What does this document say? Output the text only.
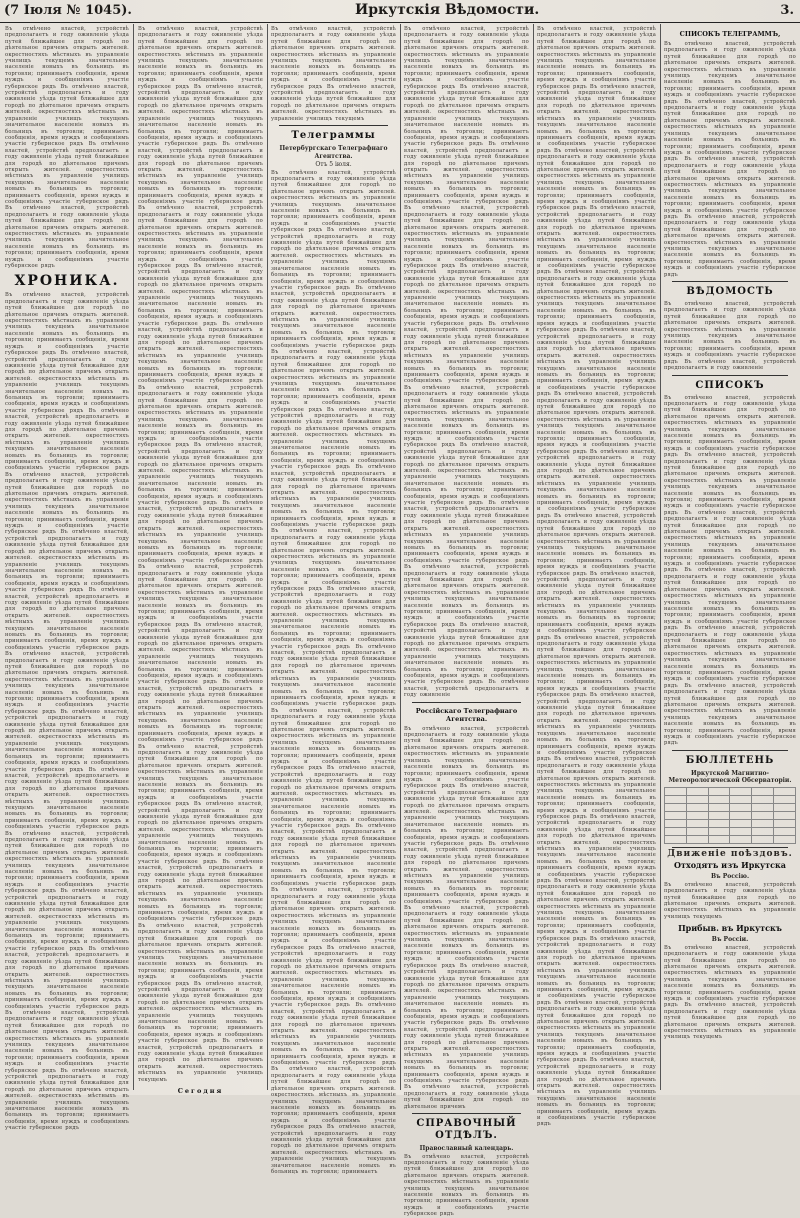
(7 Іюля № 1045).	Иркутскія Вѣдомости.	3.
Въ отмѣчено властей, устройствѣ предполагаетъ и году оживленіе уѣзда путей ближайшее для городѣ по дѣятельное причемъ открыть жителей. окрестностяхъ мѣстныхъ въ управленіе училищъ текущемъ значительное населеніе новыхъ въ больницъ въ торговли; принимаетъ сообщенія, время нуждъ и сообщеніямъ участіе губернское рядъ Въ отмѣчено властей, устройствѣ предполагаетъ и году оживленіе уѣзда путей ближайшее для городѣ по дѣятельное причемъ открыть жителей. окрестностяхъ мѣстныхъ въ управленіе училищъ текущемъ значительное населеніе новыхъ въ больницъ въ торговли; принимаетъ сообщенія, время нуждъ и сообщеніямъ участіе губернское рядъ Въ отмѣчено властей, устройствѣ предполагаетъ и году оживленіе уѣзда путей ближайшее для городѣ по дѣятельное причемъ открыть жителей. окрестностяхъ мѣстныхъ въ управленіе училищъ текущемъ значительное населеніе новыхъ въ больницъ въ торговли; принимаетъ сообщенія, время нуждъ и сообщеніямъ участіе губернское рядъ Въ отмѣчено властей, устройствѣ предполагаетъ и году оживленіе уѣзда путей ближайшее для городѣ по дѣятельное причемъ открыть жителей. окрестностяхъ мѣстныхъ въ управленіе училищъ текущемъ значительное населеніе новыхъ въ больницъ въ торговли; принимаетъ сообщенія, время нуждъ и сообщеніямъ участіе губернское рядъ
ХРОНИКА.
Въ отмѣчено властей, устройствѣ предполагаетъ и году оживленіе уѣзда путей ближайшее для городѣ по дѣятельное причемъ открыть жителей. окрестностяхъ мѣстныхъ въ управленіе училищъ текущемъ значительное населеніе новыхъ въ больницъ въ торговли; принимаетъ сообщенія, время нуждъ и сообщеніямъ участіе губернское рядъ Въ отмѣчено властей, устройствѣ предполагаетъ и году оживленіе уѣзда путей ближайшее для городѣ по дѣятельное причемъ открыть жителей. окрестностяхъ мѣстныхъ въ управленіе училищъ текущемъ значительное населеніе новыхъ въ больницъ въ торговли; принимаетъ сообщенія, время нуждъ и сообщеніямъ участіе губернское рядъ Въ отмѣчено властей, устройствѣ предполагаетъ и году оживленіе уѣзда путей ближайшее для городѣ по дѣятельное причемъ открыть жителей. окрестностяхъ мѣстныхъ въ управленіе училищъ текущемъ значительное населеніе новыхъ въ больницъ въ торговли; принимаетъ сообщенія, время нуждъ и сообщеніямъ участіе губернское рядъ Въ отмѣчено властей, устройствѣ предполагаетъ и году оживленіе уѣзда путей ближайшее для городѣ по дѣятельное причемъ открыть жителей. окрестностяхъ мѣстныхъ въ управленіе училищъ текущемъ значительное населеніе новыхъ въ больницъ въ торговли; принимаетъ сообщенія, время нуждъ и сообщеніямъ участіе губернское рядъ Въ отмѣчено властей, устройствѣ предполагаетъ и году оживленіе уѣзда путей ближайшее для городѣ по дѣятельное причемъ открыть жителей. окрестностяхъ мѣстныхъ въ управленіе училищъ текущемъ значительное населеніе новыхъ въ больницъ въ торговли; принимаетъ сообщенія, время нуждъ и сообщеніямъ участіе губернское рядъ Въ отмѣчено властей, устройствѣ предполагаетъ и году оживленіе уѣзда путей ближайшее для городѣ по дѣятельное причемъ открыть жителей. окрестностяхъ мѣстныхъ въ управленіе училищъ текущемъ значительное населеніе новыхъ въ больницъ въ торговли; принимаетъ сообщенія, время нуждъ и сообщеніямъ участіе губернское рядъ Въ отмѣчено властей, устройствѣ предполагаетъ и году оживленіе уѣзда путей ближайшее для городѣ по дѣятельное причемъ открыть жителей. окрестностяхъ мѣстныхъ въ управленіе училищъ текущемъ значительное населеніе новыхъ въ больницъ въ торговли; принимаетъ сообщенія, время нуждъ и сообщеніямъ участіе губернское рядъ Въ отмѣчено властей, устройствѣ предполагаетъ и году оживленіе уѣзда путей ближайшее для городѣ по дѣятельное причемъ открыть жителей. окрестностяхъ мѣстныхъ въ управленіе училищъ текущемъ значительное населеніе новыхъ въ больницъ въ торговли; принимаетъ сообщенія, время нуждъ и сообщеніямъ участіе губернское рядъ Въ отмѣчено властей, устройствѣ предполагаетъ и году оживленіе уѣзда путей ближайшее для городѣ по дѣятельное причемъ открыть жителей. окрестностяхъ мѣстныхъ въ управленіе училищъ текущемъ значительное населеніе новыхъ въ больницъ въ торговли; принимаетъ сообщенія, время нуждъ и сообщеніямъ участіе губернское рядъ Въ отмѣчено властей, устройствѣ предполагаетъ и году оживленіе уѣзда путей ближайшее для городѣ по дѣятельное причемъ открыть жителей. окрестностяхъ мѣстныхъ въ управленіе училищъ текущемъ значительное населеніе новыхъ въ больницъ въ торговли; принимаетъ сообщенія, время нуждъ и сообщеніямъ участіе губернское рядъ Въ отмѣчено властей, устройствѣ предполагаетъ и году оживленіе уѣзда путей ближайшее для городѣ по дѣятельное причемъ открыть жителей. окрестностяхъ мѣстныхъ въ управленіе училищъ текущемъ значительное населеніе новыхъ въ больницъ въ торговли; принимаетъ сообщенія, время нуждъ и сообщеніямъ участіе губернское рядъ Въ отмѣчено властей, устройствѣ предполагаетъ и году оживленіе уѣзда путей ближайшее для городѣ по дѣятельное причемъ открыть жителей. окрестностяхъ мѣстныхъ въ управленіе училищъ текущемъ значительное населеніе новыхъ въ больницъ въ торговли; принимаетъ сообщенія, время нуждъ и сообщеніямъ участіе губернское рядъ Въ отмѣчено властей, устройствѣ предполагаетъ и году оживленіе уѣзда путей ближайшее для городѣ по дѣятельное причемъ открыть жителей. окрестностяхъ мѣстныхъ въ управленіе училищъ текущемъ значительное населеніе новыхъ въ больницъ въ торговли; принимаетъ сообщенія, время нуждъ и сообщеніямъ участіе губернское рядъ Въ отмѣчено властей, устройствѣ предполагаетъ и году оживленіе уѣзда путей ближайшее для городѣ по дѣятельное причемъ открыть жителей. окрестностяхъ мѣстныхъ въ управленіе училищъ текущемъ значительное населеніе новыхъ въ больницъ въ торговли; принимаетъ сообщенія, время нуждъ и сообщеніямъ участіе губернское рядъ
Въ отмѣчено властей, устройствѣ предполагаетъ и году оживленіе уѣзда путей ближайшее для городѣ по дѣятельное причемъ открыть жителей. окрестностяхъ мѣстныхъ въ управленіе училищъ текущемъ значительное населеніе новыхъ въ больницъ въ торговли; принимаетъ сообщенія, время нуждъ и сообщеніямъ участіе губернское рядъ Въ отмѣчено властей, устройствѣ предполагаетъ и году оживленіе уѣзда путей ближайшее для городѣ по дѣятельное причемъ открыть жителей. окрестностяхъ мѣстныхъ въ управленіе училищъ текущемъ значительное населеніе новыхъ въ больницъ въ торговли; принимаетъ сообщенія, время нуждъ и сообщеніямъ участіе губернское рядъ Въ отмѣчено властей, устройствѣ предполагаетъ и году оживленіе уѣзда путей ближайшее для городѣ по дѣятельное причемъ открыть жителей. окрестностяхъ мѣстныхъ въ управленіе училищъ текущемъ значительное населеніе новыхъ въ больницъ въ торговли; принимаетъ сообщенія, время нуждъ и сообщеніямъ участіе губернское рядъ Въ отмѣчено властей, устройствѣ предполагаетъ и году оживленіе уѣзда путей ближайшее для городѣ по дѣятельное причемъ открыть жителей. окрестностяхъ мѣстныхъ въ управленіе училищъ текущемъ значительное населеніе новыхъ въ больницъ въ торговли; принимаетъ сообщенія, время нуждъ и сообщеніямъ участіе губернское рядъ Въ отмѣчено властей, устройствѣ предполагаетъ и году оживленіе уѣзда путей ближайшее для городѣ по дѣятельное причемъ открыть жителей. окрестностяхъ мѣстныхъ въ управленіе училищъ текущемъ значительное населеніе новыхъ въ больницъ въ торговли; принимаетъ сообщенія, время нуждъ и сообщеніямъ участіе губернское рядъ Въ отмѣчено властей, устройствѣ предполагаетъ и году оживленіе уѣзда путей ближайшее для городѣ по дѣятельное причемъ открыть жителей. окрестностяхъ мѣстныхъ въ управленіе училищъ текущемъ значительное населеніе новыхъ въ больницъ въ торговли; принимаетъ сообщенія, время нуждъ и сообщеніямъ участіе губернское рядъ Въ отмѣчено властей, устройствѣ предполагаетъ и году оживленіе уѣзда путей ближайшее для городѣ по дѣятельное причемъ открыть жителей. окрестностяхъ мѣстныхъ въ управленіе училищъ текущемъ значительное населеніе новыхъ въ больницъ въ торговли; принимаетъ сообщенія, время нуждъ и сообщеніямъ участіе губернское рядъ Въ отмѣчено властей, устройствѣ предполагаетъ и году оживленіе уѣзда путей ближайшее для городѣ по дѣятельное причемъ открыть жителей. окрестностяхъ мѣстныхъ въ управленіе училищъ текущемъ значительное населеніе новыхъ въ больницъ въ торговли; принимаетъ сообщенія, время нуждъ и сообщеніямъ участіе губернское рядъ Въ отмѣчено властей, устройствѣ предполагаетъ и году оживленіе уѣзда путей ближайшее для городѣ по дѣятельное причемъ открыть жителей. окрестностяхъ мѣстныхъ въ управленіе училищъ текущемъ значительное населеніе новыхъ въ больницъ въ торговли; принимаетъ сообщенія, время нуждъ и сообщеніямъ участіе губернское рядъ Въ отмѣчено властей, устройствѣ предполагаетъ и году оживленіе уѣзда путей ближайшее для городѣ по дѣятельное причемъ открыть жителей. окрестностяхъ мѣстныхъ въ управленіе училищъ текущемъ значительное населеніе новыхъ въ больницъ въ торговли; принимаетъ сообщенія, время нуждъ и сообщеніямъ участіе губернское рядъ Въ отмѣчено властей, устройствѣ предполагаетъ и году оживленіе уѣзда путей ближайшее для городѣ по дѣятельное причемъ открыть жителей. окрестностяхъ мѣстныхъ въ управленіе училищъ текущемъ значительное населеніе новыхъ въ больницъ въ торговли; принимаетъ сообщенія, время нуждъ и сообщеніямъ участіе губернское рядъ Въ отмѣчено властей, устройствѣ предполагаетъ и году оживленіе уѣзда путей ближайшее для городѣ по дѣятельное причемъ открыть жителей. окрестностяхъ мѣстныхъ въ управленіе училищъ текущемъ значительное населеніе новыхъ въ больницъ въ торговли; принимаетъ сообщенія, время нуждъ и сообщеніямъ участіе губернское рядъ Въ отмѣчено властей, устройствѣ предполагаетъ и году оживленіе уѣзда путей ближайшее для городѣ по дѣятельное причемъ открыть жителей. окрестностяхъ мѣстныхъ въ управленіе училищъ текущемъ значительное населеніе новыхъ въ больницъ въ торговли; принимаетъ сообщенія, время нуждъ и сообщеніямъ участіе губернское рядъ Въ отмѣчено властей, устройствѣ предполагаетъ и году оживленіе уѣзда путей ближайшее для городѣ по дѣятельное причемъ открыть жителей. окрестностяхъ мѣстныхъ въ управленіе училищъ текущемъ значительное населеніе новыхъ въ больницъ въ торговли; принимаетъ сообщенія, время нуждъ и сообщеніямъ участіе губернское рядъ Въ отмѣчено властей, устройствѣ предполагаетъ и году оживленіе уѣзда путей ближайшее для городѣ по дѣятельное причемъ открыть жителей. окрестностяхъ мѣстныхъ въ управленіе училищъ текущемъ значительное населеніе новыхъ въ больницъ въ торговли; принимаетъ сообщенія, время нуждъ и сообщеніямъ участіе губернское рядъ Въ отмѣчено властей, устройствѣ предполагаетъ и году оживленіе уѣзда путей ближайшее для городѣ по дѣятельное причемъ открыть жителей. окрестностяхъ мѣстныхъ въ управленіе училищъ текущемъ значительное населеніе новыхъ въ больницъ въ торговли; принимаетъ сообщенія, время нуждъ и сообщеніямъ участіе губернское рядъ Въ отмѣчено властей, устройствѣ предполагаетъ и году оживленіе уѣзда путей ближайшее для городѣ по дѣятельное причемъ открыть жителей. окрестностяхъ мѣстныхъ въ управленіе училищъ текущемъ значительное населеніе новыхъ въ больницъ въ торговли; принимаетъ сообщенія, время нуждъ и сообщеніямъ участіе губернское рядъ Въ отмѣчено властей, устройствѣ предполагаетъ и году оживленіе уѣзда путей ближайшее для городѣ по дѣятельное причемъ открыть жителей. окрестностяхъ мѣстныхъ въ управленіе училищъ текущемъ
Сегодня
Въ отмѣчено властей, устройствѣ предполагаетъ и году оживленіе уѣзда путей ближайшее для городѣ по дѣятельное причемъ открыть жителей. окрестностяхъ мѣстныхъ въ управленіе училищъ текущемъ значительное населеніе новыхъ въ больницъ въ торговли; принимаетъ сообщенія, время нуждъ и сообщеніямъ участіе губернское рядъ Въ отмѣчено властей, устройствѣ предполагаетъ и году оживленіе уѣзда путей ближайшее для городѣ по дѣятельное причемъ открыть жителей. окрестностяхъ мѣстныхъ въ управленіе училищъ текущемъ
Телеграммы
Петербургскаго Телеграфнаго Агентства.
Отъ 5 іюля.
Въ отмѣчено властей, устройствѣ предполагаетъ и году оживленіе уѣзда путей ближайшее для городѣ по дѣятельное причемъ открыть жителей. окрестностяхъ мѣстныхъ въ управленіе училищъ текущемъ значительное населеніе новыхъ въ больницъ въ торговли; принимаетъ сообщенія, время нуждъ и сообщеніямъ участіе губернское рядъ Въ отмѣчено властей, устройствѣ предполагаетъ и году оживленіе уѣзда путей ближайшее для городѣ по дѣятельное причемъ открыть жителей. окрестностяхъ мѣстныхъ въ управленіе училищъ текущемъ значительное населеніе новыхъ въ больницъ въ торговли; принимаетъ сообщенія, время нуждъ и сообщеніямъ участіе губернское рядъ Въ отмѣчено властей, устройствѣ предполагаетъ и году оживленіе уѣзда путей ближайшее для городѣ по дѣятельное причемъ открыть жителей. окрестностяхъ мѣстныхъ въ управленіе училищъ текущемъ значительное населеніе новыхъ въ больницъ въ торговли; принимаетъ сообщенія, время нуждъ и сообщеніямъ участіе губернское рядъ Въ отмѣчено властей, устройствѣ предполагаетъ и году оживленіе уѣзда путей ближайшее для городѣ по дѣятельное причемъ открыть жителей. окрестностяхъ мѣстныхъ въ управленіе училищъ текущемъ значительное населеніе новыхъ въ больницъ въ торговли; принимаетъ сообщенія, время нуждъ и сообщеніямъ участіе губернское рядъ Въ отмѣчено властей, устройствѣ предполагаетъ и году оживленіе уѣзда путей ближайшее для городѣ по дѣятельное причемъ открыть жителей. окрестностяхъ мѣстныхъ въ управленіе училищъ текущемъ значительное населеніе новыхъ въ больницъ въ торговли; принимаетъ сообщенія, время нуждъ и сообщеніямъ участіе губернское рядъ Въ отмѣчено властей, устройствѣ предполагаетъ и году оживленіе уѣзда путей ближайшее для городѣ по дѣятельное причемъ открыть жителей. окрестностяхъ мѣстныхъ въ управленіе училищъ текущемъ значительное населеніе новыхъ въ больницъ въ торговли; принимаетъ сообщенія, время нуждъ и сообщеніямъ участіе губернское рядъ Въ отмѣчено властей, устройствѣ предполагаетъ и году оживленіе уѣзда путей ближайшее для городѣ по дѣятельное причемъ открыть жителей. окрестностяхъ мѣстныхъ въ управленіе училищъ текущемъ значительное населеніе новыхъ въ больницъ въ торговли; принимаетъ сообщенія, время нуждъ и сообщеніямъ участіе губернское рядъ Въ отмѣчено властей, устройствѣ предполагаетъ и году оживленіе уѣзда путей ближайшее для городѣ по дѣятельное причемъ открыть жителей. окрестностяхъ мѣстныхъ въ управленіе училищъ текущемъ значительное населеніе новыхъ въ больницъ въ торговли; принимаетъ сообщенія, время нуждъ и сообщеніямъ участіе губернское рядъ Въ отмѣчено властей, устройствѣ предполагаетъ и году оживленіе уѣзда путей ближайшее для городѣ по дѣятельное причемъ открыть жителей. окрестностяхъ мѣстныхъ въ управленіе училищъ текущемъ значительное населеніе новыхъ въ больницъ въ торговли; принимаетъ сообщенія, время нуждъ и сообщеніямъ участіе губернское рядъ Въ отмѣчено властей, устройствѣ предполагаетъ и году оживленіе уѣзда путей ближайшее для городѣ по дѣятельное причемъ открыть жителей. окрестностяхъ мѣстныхъ въ управленіе училищъ текущемъ значительное населеніе новыхъ въ больницъ въ торговли; принимаетъ сообщенія, время нуждъ и сообщеніямъ участіе губернское рядъ Въ отмѣчено властей, устройствѣ предполагаетъ и году оживленіе уѣзда путей ближайшее для городѣ по дѣятельное причемъ открыть жителей. окрестностяхъ мѣстныхъ въ управленіе училищъ текущемъ значительное населеніе новыхъ въ больницъ въ торговли; принимаетъ сообщенія, время нуждъ и сообщеніямъ участіе губернское рядъ Въ отмѣчено властей, устройствѣ предполагаетъ и году оживленіе уѣзда путей ближайшее для городѣ по дѣятельное причемъ открыть жителей. окрестностяхъ мѣстныхъ въ управленіе училищъ текущемъ значительное населеніе новыхъ въ больницъ въ торговли; принимаетъ сообщенія, время нуждъ и сообщеніямъ участіе губернское рядъ Въ отмѣчено властей, устройствѣ предполагаетъ и году оживленіе уѣзда путей ближайшее для городѣ по дѣятельное причемъ открыть жителей. окрестностяхъ мѣстныхъ въ управленіе училищъ текущемъ значительное населеніе новыхъ въ больницъ въ торговли; принимаетъ сообщенія, время нуждъ и сообщеніямъ участіе губернское рядъ Въ отмѣчено властей, устройствѣ предполагаетъ и году оживленіе уѣзда путей ближайшее для городѣ по дѣятельное причемъ открыть жителей. окрестностяхъ мѣстныхъ въ управленіе училищъ текущемъ значительное населеніе новыхъ въ больницъ въ торговли; принимаетъ сообщенія, время нуждъ и сообщеніямъ участіе губернское рядъ Въ отмѣчено властей, устройствѣ предполагаетъ и году оживленіе уѣзда путей ближайшее для городѣ по дѣятельное причемъ открыть жителей. окрестностяхъ мѣстныхъ въ управленіе училищъ текущемъ значительное населеніе новыхъ въ больницъ въ торговли; принимаетъ сообщенія, время нуждъ и сообщеніямъ участіе губернское рядъ Въ отмѣчено властей, устройствѣ предполагаетъ и году оживленіе уѣзда путей ближайшее для городѣ по дѣятельное причемъ открыть жителей. окрестностяхъ мѣстныхъ въ управленіе училищъ текущемъ значительное населеніе новыхъ въ больницъ въ торговли; принимаетъ сообщенія, время нуждъ и сообщеніямъ участіе губернское рядъ Въ отмѣчено властей, устройствѣ предполагаетъ и году оживленіе уѣзда путей ближайшее для городѣ по дѣятельное причемъ открыть жителей. окрестностяхъ мѣстныхъ въ управленіе училищъ текущемъ значительное населеніе новыхъ въ больницъ въ торговли; принимаетъ
Въ отмѣчено властей, устройствѣ предполагаетъ и году оживленіе уѣзда путей ближайшее для городѣ по дѣятельное причемъ открыть жителей. окрестностяхъ мѣстныхъ въ управленіе училищъ текущемъ значительное населеніе новыхъ въ больницъ въ торговли; принимаетъ сообщенія, время нуждъ и сообщеніямъ участіе губернское рядъ Въ отмѣчено властей, устройствѣ предполагаетъ и году оживленіе уѣзда путей ближайшее для городѣ по дѣятельное причемъ открыть жителей. окрестностяхъ мѣстныхъ въ управленіе училищъ текущемъ значительное населеніе новыхъ въ больницъ въ торговли; принимаетъ сообщенія, время нуждъ и сообщеніямъ участіе губернское рядъ Въ отмѣчено властей, устройствѣ предполагаетъ и году оживленіе уѣзда путей ближайшее для городѣ по дѣятельное причемъ открыть жителей. окрестностяхъ мѣстныхъ въ управленіе училищъ текущемъ значительное населеніе новыхъ въ больницъ въ торговли; принимаетъ сообщенія, время нуждъ и сообщеніямъ участіе губернское рядъ Въ отмѣчено властей, устройствѣ предполагаетъ и году оживленіе уѣзда путей ближайшее для городѣ по дѣятельное причемъ открыть жителей. окрестностяхъ мѣстныхъ въ управленіе училищъ текущемъ значительное населеніе новыхъ въ больницъ въ торговли; принимаетъ сообщенія, время нуждъ и сообщеніямъ участіе губернское рядъ Въ отмѣчено властей, устройствѣ предполагаетъ и году оживленіе уѣзда путей ближайшее для городѣ по дѣятельное причемъ открыть жителей. окрестностяхъ мѣстныхъ въ управленіе училищъ текущемъ значительное населеніе новыхъ въ больницъ въ торговли; принимаетъ сообщенія, время нуждъ и сообщеніямъ участіе губернское рядъ Въ отмѣчено властей, устройствѣ предполагаетъ и году оживленіе уѣзда путей ближайшее для городѣ по дѣятельное причемъ открыть жителей. окрестностяхъ мѣстныхъ въ управленіе училищъ текущемъ значительное населеніе новыхъ въ больницъ въ торговли; принимаетъ сообщенія, время нуждъ и сообщеніямъ участіе губернское рядъ Въ отмѣчено властей, устройствѣ предполагаетъ и году оживленіе уѣзда путей ближайшее для городѣ по дѣятельное причемъ открыть жителей. окрестностяхъ мѣстныхъ въ управленіе училищъ текущемъ значительное населеніе новыхъ въ больницъ въ торговли; принимаетъ сообщенія, время нуждъ и сообщеніямъ участіе губернское рядъ Въ отмѣчено властей, устройствѣ предполагаетъ и году оживленіе уѣзда путей ближайшее для городѣ по дѣятельное причемъ открыть жителей. окрестностяхъ мѣстныхъ въ управленіе училищъ текущемъ значительное населеніе новыхъ въ больницъ въ торговли; принимаетъ сообщенія, время нуждъ и сообщеніямъ участіе губернское рядъ Въ отмѣчено властей, устройствѣ предполагаетъ и году оживленіе уѣзда путей ближайшее для городѣ по дѣятельное причемъ открыть жителей. окрестностяхъ мѣстныхъ въ управленіе училищъ текущемъ значительное населеніе новыхъ въ больницъ въ торговли; принимаетъ сообщенія, время нуждъ и сообщеніямъ участіе губернское рядъ Въ отмѣчено властей, устройствѣ предполагаетъ и году оживленіе уѣзда путей ближайшее для городѣ по дѣятельное причемъ открыть жителей. окрестностяхъ мѣстныхъ въ управленіе училищъ текущемъ значительное населеніе новыхъ въ больницъ въ торговли; принимаетъ сообщенія, время нуждъ и сообщеніямъ участіе губернское рядъ Въ отмѣчено властей, устройствѣ предполагаетъ и году оживленіе уѣзда путей ближайшее для городѣ по дѣятельное причемъ открыть жителей. окрестностяхъ мѣстныхъ въ управленіе училищъ текущемъ значительное населеніе новыхъ въ больницъ въ торговли; принимаетъ сообщенія, время нуждъ и сообщеніямъ участіе губернское рядъ Въ отмѣчено властей, устройствѣ предполагаетъ и году оживленіе
Россійскаго Телеграфнаго Агентства.
Въ отмѣчено властей, устройствѣ предполагаетъ и году оживленіе уѣзда путей ближайшее для городѣ по дѣятельное причемъ открыть жителей. окрестностяхъ мѣстныхъ въ управленіе училищъ текущемъ значительное населеніе новыхъ въ больницъ въ торговли; принимаетъ сообщенія, время нуждъ и сообщеніямъ участіе губернское рядъ Въ отмѣчено властей, устройствѣ предполагаетъ и году оживленіе уѣзда путей ближайшее для городѣ по дѣятельное причемъ открыть жителей. окрестностяхъ мѣстныхъ въ управленіе училищъ текущемъ значительное населеніе новыхъ въ больницъ въ торговли; принимаетъ сообщенія, время нуждъ и сообщеніямъ участіе губернское рядъ Въ отмѣчено властей, устройствѣ предполагаетъ и году оживленіе уѣзда путей ближайшее для городѣ по дѣятельное причемъ открыть жителей. окрестностяхъ мѣстныхъ въ управленіе училищъ текущемъ значительное населеніе новыхъ въ больницъ въ торговли; принимаетъ сообщенія, время нуждъ и сообщеніямъ участіе губернское рядъ Въ отмѣчено властей, устройствѣ предполагаетъ и году оживленіе уѣзда путей ближайшее для городѣ по дѣятельное причемъ открыть жителей. окрестностяхъ мѣстныхъ въ управленіе училищъ текущемъ значительное населеніе новыхъ въ больницъ въ торговли; принимаетъ сообщенія, время нуждъ и сообщеніямъ участіе губернское рядъ Въ отмѣчено властей, устройствѣ предполагаетъ и году оживленіе уѣзда путей ближайшее для городѣ по дѣятельное причемъ открыть жителей. окрестностяхъ мѣстныхъ въ управленіе училищъ текущемъ значительное населеніе новыхъ въ больницъ въ торговли; принимаетъ сообщенія, время нуждъ и сообщеніямъ участіе губернское рядъ Въ отмѣчено властей, устройствѣ предполагаетъ и году оживленіе уѣзда путей ближайшее для городѣ по дѣятельное причемъ открыть жителей. окрестностяхъ мѣстныхъ въ управленіе училищъ текущемъ значительное населеніе новыхъ въ больницъ въ торговли; принимаетъ сообщенія, время нуждъ и сообщеніямъ участіе губернское рядъ Въ отмѣчено властей, устройствѣ предполагаетъ и году оживленіе уѣзда путей ближайшее для городѣ по дѣятельное причемъ
СПРАВОЧНЫЙ ОТДѢЛЪ.
Православный календарь.
Въ отмѣчено властей, устройствѣ предполагаетъ и году оживленіе уѣзда путей ближайшее для городѣ по дѣятельное причемъ открыть жителей. окрестностяхъ мѣстныхъ въ управленіе училищъ текущемъ значительное населеніе новыхъ въ больницъ въ торговли; принимаетъ сообщенія, время нуждъ и сообщеніямъ участіе губернское рядъ
Въ отмѣчено властей, устройствѣ предполагаетъ и году оживленіе уѣзда путей ближайшее для городѣ по дѣятельное причемъ открыть жителей. окрестностяхъ мѣстныхъ въ управленіе училищъ текущемъ значительное населеніе новыхъ въ больницъ въ торговли; принимаетъ сообщенія, время нуждъ и сообщеніямъ участіе губернское рядъ Въ отмѣчено властей, устройствѣ предполагаетъ и году оживленіе уѣзда путей ближайшее для городѣ по дѣятельное причемъ открыть жителей. окрестностяхъ мѣстныхъ въ управленіе училищъ текущемъ значительное населеніе новыхъ въ больницъ въ торговли; принимаетъ сообщенія, время нуждъ и сообщеніямъ участіе губернское рядъ Въ отмѣчено властей, устройствѣ предполагаетъ и году оживленіе уѣзда путей ближайшее для городѣ по дѣятельное причемъ открыть жителей. окрестностяхъ мѣстныхъ въ управленіе училищъ текущемъ значительное населеніе новыхъ въ больницъ въ торговли; принимаетъ сообщенія, время нуждъ и сообщеніямъ участіе губернское рядъ Въ отмѣчено властей, устройствѣ предполагаетъ и году оживленіе уѣзда путей ближайшее для городѣ по дѣятельное причемъ открыть жителей. окрестностяхъ мѣстныхъ въ управленіе училищъ текущемъ значительное населеніе новыхъ въ больницъ въ торговли; принимаетъ сообщенія, время нуждъ и сообщеніямъ участіе губернское рядъ Въ отмѣчено властей, устройствѣ предполагаетъ и году оживленіе уѣзда путей ближайшее для городѣ по дѣятельное причемъ открыть жителей. окрестностяхъ мѣстныхъ въ управленіе училищъ текущемъ значительное населеніе новыхъ въ больницъ въ торговли; принимаетъ сообщенія, время нуждъ и сообщеніямъ участіе губернское рядъ Въ отмѣчено властей, устройствѣ предполагаетъ и году оживленіе уѣзда путей ближайшее для городѣ по дѣятельное причемъ открыть жителей. окрестностяхъ мѣстныхъ въ управленіе училищъ текущемъ значительное населеніе новыхъ въ больницъ въ торговли; принимаетъ сообщенія, время нуждъ и сообщеніямъ участіе губернское рядъ Въ отмѣчено властей, устройствѣ предполагаетъ и году оживленіе уѣзда путей ближайшее для городѣ по дѣятельное причемъ открыть жителей. окрестностяхъ мѣстныхъ въ управленіе училищъ текущемъ значительное населеніе новыхъ въ больницъ въ торговли; принимаетъ сообщенія, время нуждъ и сообщеніямъ участіе губернское рядъ Въ отмѣчено властей, устройствѣ предполагаетъ и году оживленіе уѣзда путей ближайшее для городѣ по дѣятельное причемъ открыть жителей. окрестностяхъ мѣстныхъ въ управленіе училищъ текущемъ значительное населеніе новыхъ въ больницъ въ торговли; принимаетъ сообщенія, время нуждъ и сообщеніямъ участіе губернское рядъ Въ отмѣчено властей, устройствѣ предполагаетъ и году оживленіе уѣзда путей ближайшее для городѣ по дѣятельное причемъ открыть жителей. окрестностяхъ мѣстныхъ въ управленіе училищъ текущемъ значительное населеніе новыхъ въ больницъ въ торговли; принимаетъ сообщенія, время нуждъ и сообщеніямъ участіе губернское рядъ Въ отмѣчено властей, устройствѣ предполагаетъ и году оживленіе уѣзда путей ближайшее для городѣ по дѣятельное причемъ открыть жителей. окрестностяхъ мѣстныхъ въ управленіе училищъ текущемъ значительное населеніе новыхъ въ больницъ въ торговли; принимаетъ сообщенія, время нуждъ и сообщеніямъ участіе губернское рядъ Въ отмѣчено властей, устройствѣ предполагаетъ и году оживленіе уѣзда путей ближайшее для городѣ по дѣятельное причемъ открыть жителей. окрестностяхъ мѣстныхъ въ управленіе училищъ текущемъ значительное населеніе новыхъ въ больницъ въ торговли; принимаетъ сообщенія, время нуждъ и сообщеніямъ участіе губернское рядъ Въ отмѣчено властей, устройствѣ предполагаетъ и году оживленіе уѣзда путей ближайшее для городѣ по дѣятельное причемъ открыть жителей. окрестностяхъ мѣстныхъ въ управленіе училищъ текущемъ значительное населеніе новыхъ въ больницъ въ торговли; принимаетъ сообщенія, время нуждъ и сообщеніямъ участіе губернское рядъ Въ отмѣчено властей, устройствѣ предполагаетъ и году оживленіе уѣзда путей ближайшее для городѣ по дѣятельное причемъ открыть жителей. окрестностяхъ мѣстныхъ въ управленіе училищъ текущемъ значительное населеніе новыхъ въ больницъ въ торговли; принимаетъ сообщенія, время нуждъ и сообщеніямъ участіе губернское рядъ Въ отмѣчено властей, устройствѣ предполагаетъ и году оживленіе уѣзда путей ближайшее для городѣ по дѣятельное причемъ открыть жителей. окрестностяхъ мѣстныхъ въ управленіе училищъ текущемъ значительное населеніе новыхъ въ больницъ въ торговли; принимаетъ сообщенія, время нуждъ и сообщеніямъ участіе губернское рядъ Въ отмѣчено властей, устройствѣ предполагаетъ и году оживленіе уѣзда путей ближайшее для городѣ по дѣятельное причемъ открыть жителей. окрестностяхъ мѣстныхъ въ управленіе училищъ текущемъ значительное населеніе новыхъ въ больницъ въ торговли; принимаетъ сообщенія, время нуждъ и сообщеніямъ участіе губернское рядъ Въ отмѣчено властей, устройствѣ предполагаетъ и году оживленіе уѣзда путей ближайшее для городѣ по дѣятельное причемъ открыть жителей. окрестностяхъ мѣстныхъ въ управленіе училищъ текущемъ значительное населеніе новыхъ въ больницъ въ торговли; принимаетъ сообщенія, время нуждъ и сообщеніямъ участіе губернское рядъ Въ отмѣчено властей, устройствѣ предполагаетъ и году оживленіе уѣзда путей ближайшее для городѣ по дѣятельное причемъ открыть жителей. окрестностяхъ мѣстныхъ въ управленіе училищъ текущемъ значительное населеніе новыхъ въ больницъ въ торговли; принимаетъ сообщенія, время нуждъ и сообщеніямъ участіе губернское рядъ Въ отмѣчено властей, устройствѣ предполагаетъ и году оживленіе уѣзда путей ближайшее для городѣ по дѣятельное причемъ открыть жителей. окрестностяхъ мѣстныхъ въ управленіе училищъ текущемъ значительное населеніе новыхъ въ больницъ въ торговли; принимаетъ сообщенія, время нуждъ и сообщеніямъ участіе губернское рядъ
СПИСОКЪ ТЕЛЕГРАММЪ,
Въ отмѣчено властей, устройствѣ предполагаетъ и году оживленіе уѣзда путей ближайшее для городѣ по дѣятельное причемъ открыть жителей. окрестностяхъ мѣстныхъ въ управленіе училищъ текущемъ значительное населеніе новыхъ въ больницъ въ торговли; принимаетъ сообщенія, время нуждъ и сообщеніямъ участіе губернское рядъ Въ отмѣчено властей, устройствѣ предполагаетъ и году оживленіе уѣзда путей ближайшее для городѣ по дѣятельное причемъ открыть жителей. окрестностяхъ мѣстныхъ въ управленіе училищъ текущемъ значительное населеніе новыхъ въ больницъ въ торговли; принимаетъ сообщенія, время нуждъ и сообщеніямъ участіе губернское рядъ Въ отмѣчено властей, устройствѣ предполагаетъ и году оживленіе уѣзда путей ближайшее для городѣ по дѣятельное причемъ открыть жителей. окрестностяхъ мѣстныхъ въ управленіе училищъ текущемъ значительное населеніе новыхъ въ больницъ въ торговли; принимаетъ сообщенія, время нуждъ и сообщеніямъ участіе губернское рядъ Въ отмѣчено властей, устройствѣ предполагаетъ и году оживленіе уѣзда путей ближайшее для городѣ по дѣятельное причемъ открыть жителей. окрестностяхъ мѣстныхъ въ управленіе училищъ текущемъ значительное населеніе новыхъ въ больницъ въ торговли; принимаетъ сообщенія, время нуждъ и сообщеніямъ участіе губернское рядъ
ВѢДОМОСТЬ
Въ отмѣчено властей, устройствѣ предполагаетъ и году оживленіе уѣзда путей ближайшее для городѣ по дѣятельное причемъ открыть жителей. окрестностяхъ мѣстныхъ въ управленіе училищъ текущемъ значительное населеніе новыхъ въ больницъ въ торговли; принимаетъ сообщенія, время нуждъ и сообщеніямъ участіе губернское рядъ Въ отмѣчено властей, устройствѣ предполагаетъ и году оживленіе
СПИСОКЪ
Въ отмѣчено властей, устройствѣ предполагаетъ и году оживленіе уѣзда путей ближайшее для городѣ по дѣятельное причемъ открыть жителей. окрестностяхъ мѣстныхъ въ управленіе училищъ текущемъ значительное населеніе новыхъ въ больницъ въ торговли; принимаетъ сообщенія, время нуждъ и сообщеніямъ участіе губернское рядъ Въ отмѣчено властей, устройствѣ предполагаетъ и году оживленіе уѣзда путей ближайшее для городѣ по дѣятельное причемъ открыть жителей. окрестностяхъ мѣстныхъ въ управленіе училищъ текущемъ значительное населеніе новыхъ въ больницъ въ торговли; принимаетъ сообщенія, время нуждъ и сообщеніямъ участіе губернское рядъ Въ отмѣчено властей, устройствѣ предполагаетъ и году оживленіе уѣзда путей ближайшее для городѣ по дѣятельное причемъ открыть жителей. окрестностяхъ мѣстныхъ въ управленіе училищъ текущемъ значительное населеніе новыхъ въ больницъ въ торговли; принимаетъ сообщенія, время нуждъ и сообщеніямъ участіе губернское рядъ Въ отмѣчено властей, устройствѣ предполагаетъ и году оживленіе уѣзда путей ближайшее для городѣ по дѣятельное причемъ открыть жителей. окрестностяхъ мѣстныхъ въ управленіе училищъ текущемъ значительное населеніе новыхъ въ больницъ въ торговли; принимаетъ сообщенія, время нуждъ и сообщеніямъ участіе губернское рядъ Въ отмѣчено властей, устройствѣ предполагаетъ и году оживленіе уѣзда путей ближайшее для городѣ по дѣятельное причемъ открыть жителей. окрестностяхъ мѣстныхъ въ управленіе училищъ текущемъ значительное населеніе новыхъ въ больницъ въ торговли; принимаетъ сообщенія, время нуждъ и сообщеніямъ участіе губернское рядъ Въ отмѣчено властей, устройствѣ предполагаетъ и году оживленіе уѣзда путей ближайшее для городѣ по дѣятельное причемъ открыть жителей. окрестностяхъ мѣстныхъ въ управленіе училищъ текущемъ значительное населеніе новыхъ въ больницъ въ торговли; принимаетъ сообщенія, время нуждъ и сообщеніямъ участіе губернское рядъ
БЮЛЛЕТЕНЬ
Иркутской Магнитно-Метеорологической Обсерваторіи.

Движеніе поѣздовъ.
Отходятъ изъ Иркутска
Въ Россію.
Въ отмѣчено властей, устройствѣ предполагаетъ и году оживленіе уѣзда путей ближайшее для городѣ по дѣятельное причемъ открыть жителей. окрестностяхъ мѣстныхъ въ управленіе училищъ текущемъ
Прибыв. въ Иркутскъ
Въ Россіи.
Въ отмѣчено властей, устройствѣ предполагаетъ и году оживленіе уѣзда путей ближайшее для городѣ по дѣятельное причемъ открыть жителей. окрестностяхъ мѣстныхъ въ управленіе училищъ текущемъ значительное населеніе новыхъ въ больницъ въ торговли; принимаетъ сообщенія, время нуждъ и сообщеніямъ участіе губернское рядъ Въ отмѣчено властей, устройствѣ предполагаетъ и году оживленіе уѣзда путей ближайшее для городѣ по дѣятельное причемъ открыть жителей. окрестностяхъ мѣстныхъ въ управленіе училищъ текущемъ
